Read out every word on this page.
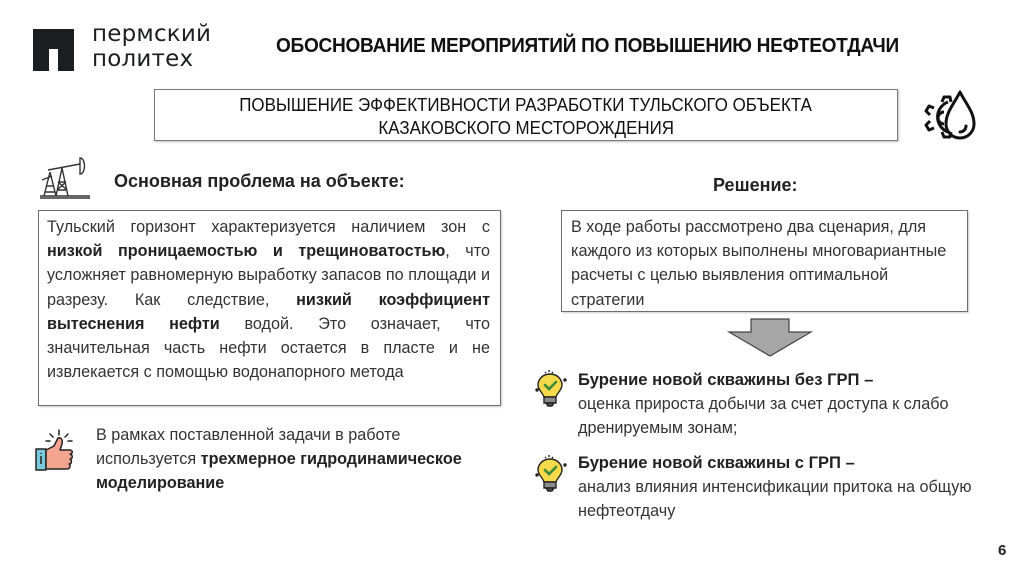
пермский
политех
ОБОСНОВАНИЕ МЕРОПРИЯТИЙ ПО ПОВЫШЕНИЮ НЕФТЕОТДАЧИ
ПОВЫШЕНИЕ ЭФФЕКТИВНОСТИ РАЗРАБОТКИ ТУЛЬСКОГО ОБЪЕКТА
КАЗАКОВСКОГО МЕСТОРОЖДЕНИЯ
Основная проблема на объекте:
Тульский горизонт характеризуется наличием зон с низкой проницаемостью и трещиноватостью, что усложняет равномерную выработку запасов по площади и разрезу. Как следствие, низкий коэффициент вытеснения нефти водой. Это означает, что значительная часть нефти остается в пласте и не извлекается с помощью водонапорного метода
В рамках поставленной задачи в работе используется трехмерное гидродинамическое моделирование
Решение:
В ходе работы рассмотрено два сценария, для каждого из которых выполнены многовариантные расчеты с целью выявления оптимальной стратегии
Бурение новой скважины без ГРП –
оценка прироста добычи за счет доступа к слабо дренируемым зонам;
Бурение новой скважины с ГРП –
анализ влияния интенсификации притока на общую нефтеотдачу
6
